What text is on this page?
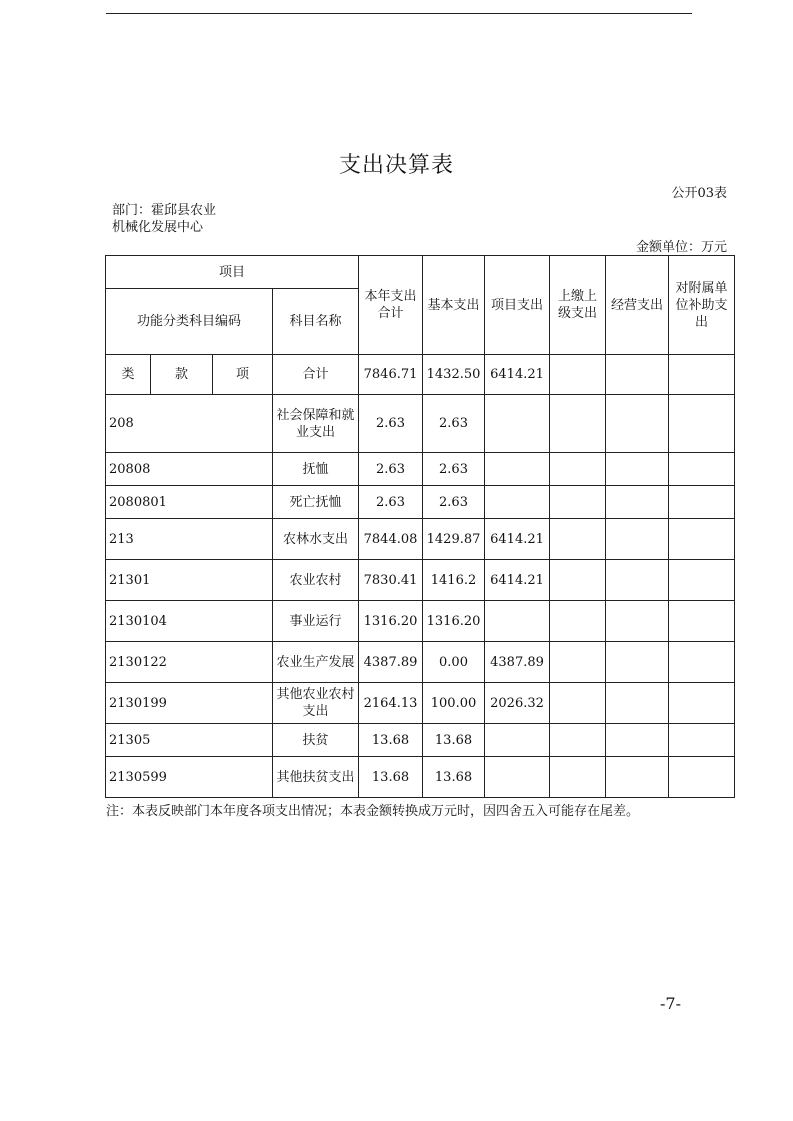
支出决算表
公开03表
部门：霍邱县农业机械化发展中心
金额单位：万元
项目				本年支出合计	基本支出	项目支出	上缴上级支出	经营支出	对附属单位补助支出
功能分类科目编码			科目名称						
类	款	项	合计	7846.71	1432.50	6414.21			
208			社会保障和就业支出	2.63	2.63				
20808			抚恤	2.63	2.63				
2080801			死亡抚恤	2.63	2.63				
213			农林水支出	7844.08	1429.87	6414.21			
21301			农业农村	7830.41	1416.2	6414.21			
2130104			事业运行	1316.20	1316.20				
2130122			农业生产发展	4387.89	0.00	4387.89			
2130199			其他农业农村支出	2164.13	100.00	2026.32			
21305			扶贫	13.68	13.68				
2130599			其他扶贫支出	13.68	13.68				
注：本表反映部门本年度各项支出情况；本表金额转换成万元时，因四舍五入可能存在尾差。
-7-
